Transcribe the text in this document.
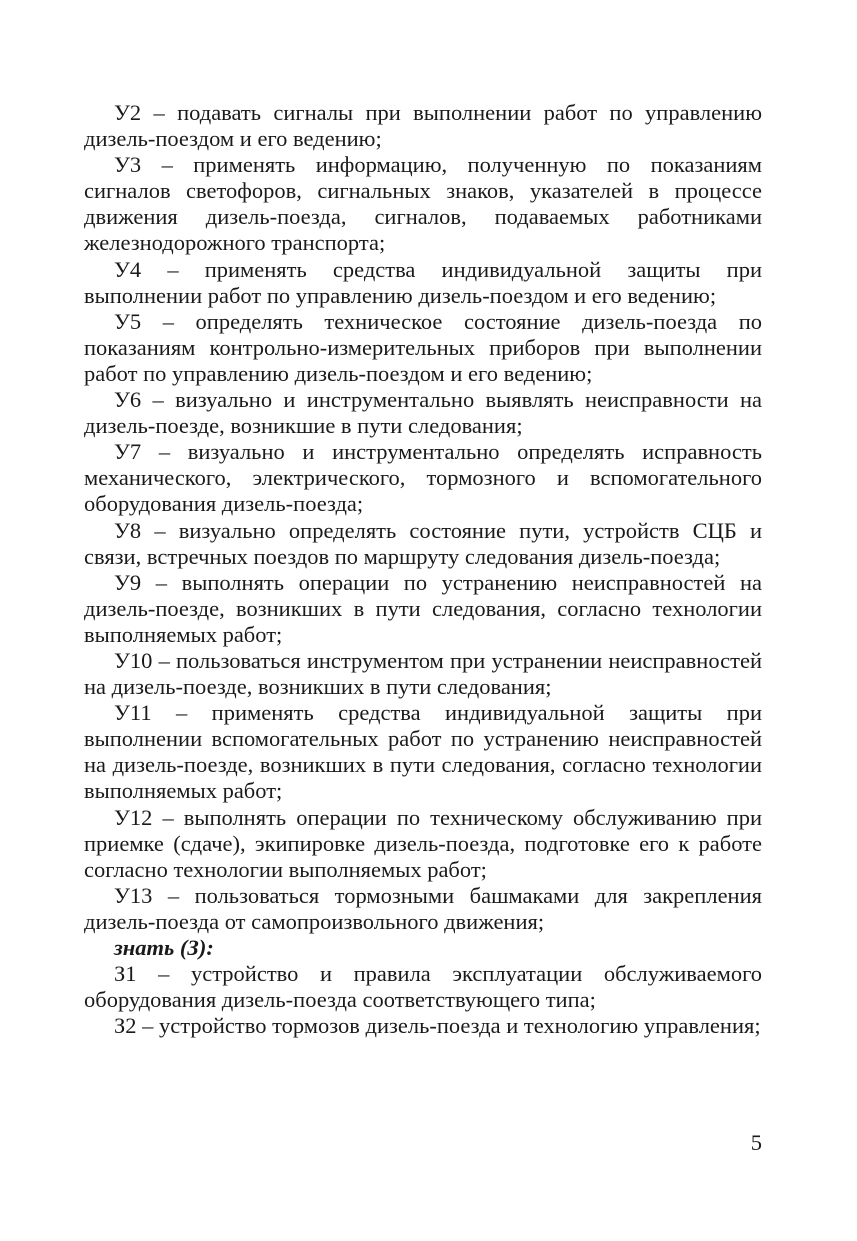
У2 – подавать сигналы при выполнении работ по управлению дизель-поездом и его ведению;

У3 – применять информацию, полученную по показаниям сигналов светофоров, сигнальных знаков, указателей в процессе движения дизель-поезда, сигналов, подаваемых работниками железнодорожного транспорта;

У4 – применять средства индивидуальной защиты при выполнении работ по управлению дизель-поездом и его ведению;

У5 – определять техническое состояние дизель-поезда по показаниям контрольно-измерительных приборов при выполнении работ по управлению дизель-поездом и его ведению;

У6 – визуально и инструментально выявлять неисправности на дизель-поезде, возникшие в пути следования;

У7 – визуально и инструментально определять исправность механического, электрического, тормозного и вспомогательного оборудования дизель-поезда;

У8 – визуально определять состояние пути, устройств СЦБ и связи, встречных поездов по маршруту следования дизель-поезда;

У9 – выполнять операции по устранению неисправностей на дизель-поезде, возникших в пути следования, согласно технологии выполняемых работ;

У10 – пользоваться инструментом при устранении неисправностей на дизель-поезде, возникших в пути следования;

У11 – применять средства индивидуальной защиты при выполнении вспомогательных работ по устранению неисправностей на дизель-поезде, возникших в пути следования, согласно технологии выполняемых работ;

У12 – выполнять операции по техническому обслуживанию при приемке (сдаче), экипировке дизель-поезда, подготовке его к работе согласно технологии выполняемых работ;

У13 – пользоваться тормозными башмаками для закрепления дизель-поезда от самопроизвольного движения;

знать (З):

З1 – устройство и правила эксплуатации обслуживаемого оборудования дизель-поезда соответствующего типа;

З2 – устройство тормозов дизель-поезда и технологию управления;

5
